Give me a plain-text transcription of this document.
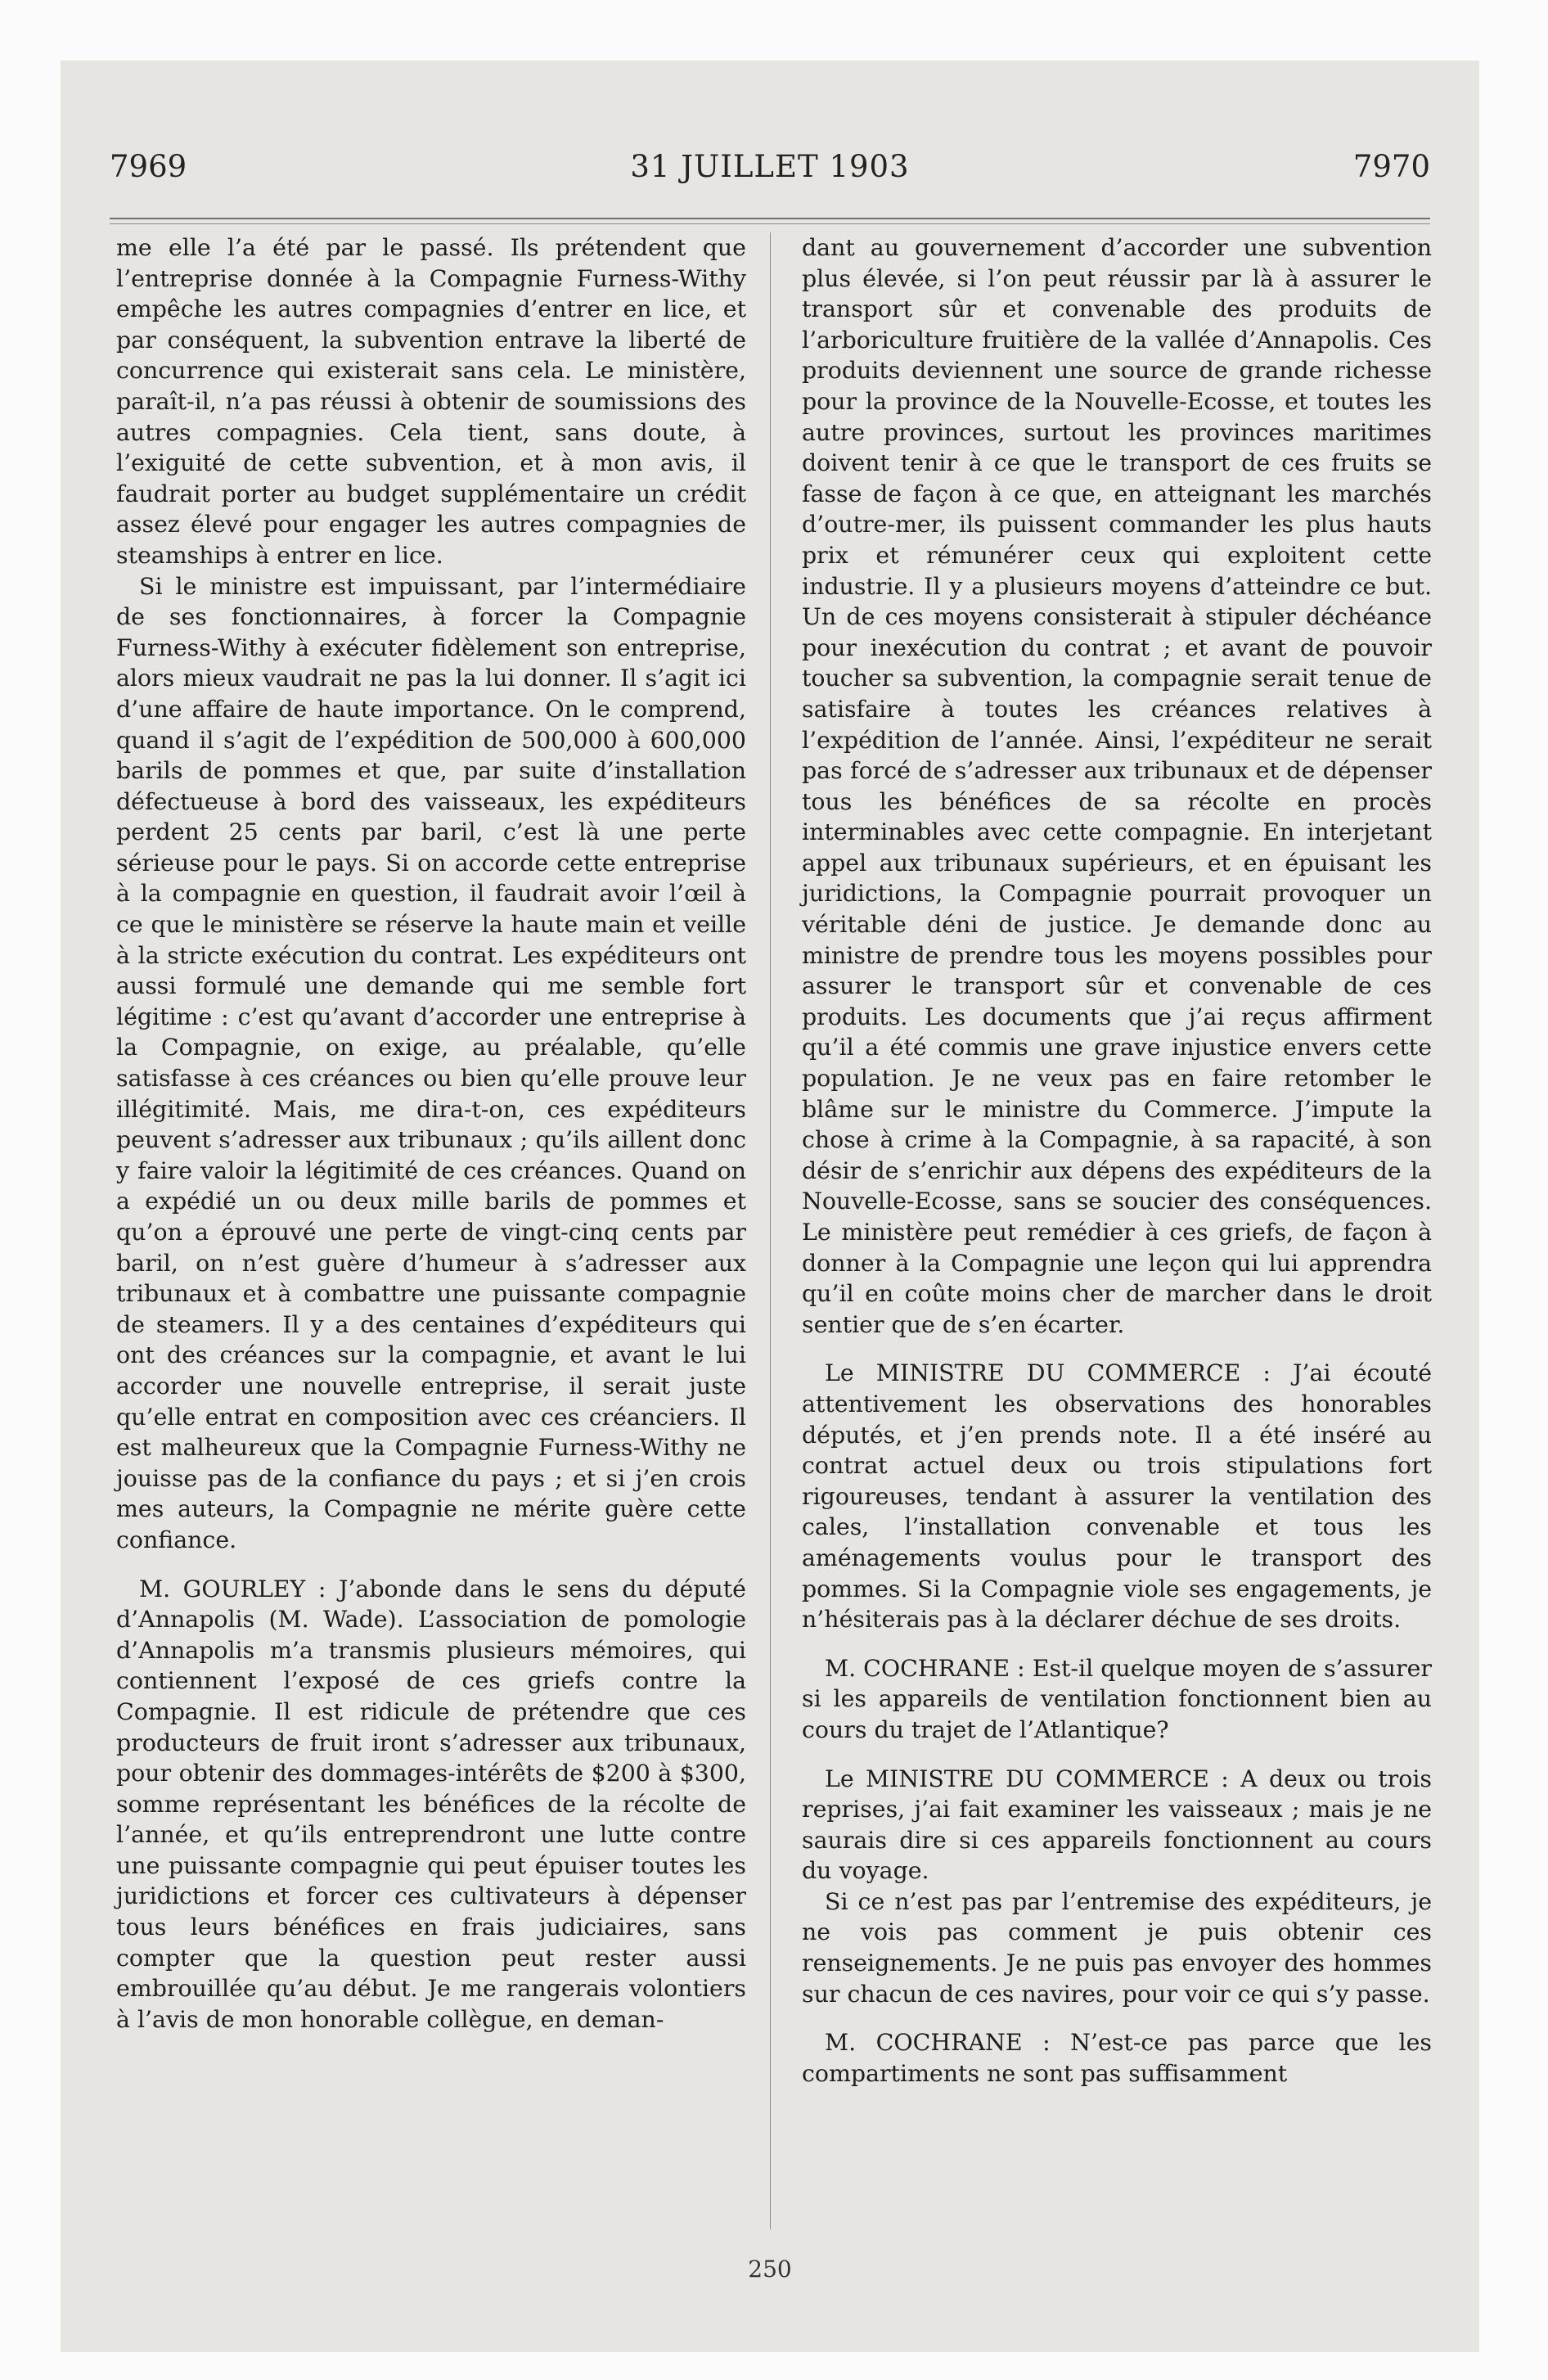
7969	31 JUILLET 1903	7970

me elle l’a été par le passé. Ils prétendent que l’entreprise donnée à la Compagnie Furness-Withy empêche les autres compagnies d’entrer en lice, et par conséquent, la subvention entrave la liberté de concurrence qui existerait sans cela. Le ministère, paraît-il, n’a pas réussi à obtenir de soumissions des autres compagnies. Cela tient, sans doute, à l’exiguité de cette subvention, et à mon avis, il faudrait porter au budget supplémentaire un crédit assez élevé pour engager les autres compagnies de steamships à entrer en lice.

Si le ministre est impuissant, par l’intermédiaire de ses fonctionnaires, à forcer la Compagnie Furness-Withy à exécuter fidèlement son entreprise, alors mieux vaudrait ne pas la lui donner. Il s’agit ici d’une affaire de haute importance. On le comprend, quand il s’agit de l’expédition de 500,000 à 600,000 barils de pommes et que, par suite d’installation défectueuse à bord des vaisseaux, les expéditeurs perdent 25 cents par baril, c’est là une perte sérieuse pour le pays. Si on accorde cette entreprise à la compagnie en question, il faudrait avoir l’œil à ce que le ministère se réserve la haute main et veille à la stricte exécution du contrat. Les expéditeurs ont aussi formulé une demande qui me semble fort légitime : c’est qu’avant d’accorder une entreprise à la Compagnie, on exige, au préalable, qu’elle satisfasse à ces créances ou bien qu’elle prouve leur illégitimité. Mais, me dira-t-on, ces expéditeurs peuvent s’adresser aux tribunaux ; qu’ils aillent donc y faire valoir la légitimité de ces créances. Quand on a expédié un ou deux mille barils de pommes et qu’on a éprouvé une perte de vingt-cinq cents par baril, on n’est guère d’humeur à s’adresser aux tribunaux et à combattre une puissante compagnie de steamers. Il y a des centaines d’expéditeurs qui ont des créances sur la compagnie, et avant le lui accorder une nouvelle entreprise, il serait juste qu’elle entrat en composition avec ces créanciers. Il est malheureux que la Compagnie Furness-Withy ne jouisse pas de la confiance du pays ; et si j’en crois mes auteurs, la Compagnie ne mérite guère cette confiance.

M. GOURLEY : J’abonde dans le sens du député d’Annapolis (M. Wade). L’association de pomologie d’Annapolis m’a transmis plusieurs mémoires, qui contiennent l’exposé de ces griefs contre la Compagnie. Il est ridicule de prétendre que ces producteurs de fruit iront s’adresser aux tribunaux, pour obtenir des dommages-intérêts de $200 à $300, somme représentant les bénéfices de la récolte de l’année, et qu’ils entreprendront une lutte contre une puissante compagnie qui peut épuiser toutes les juridictions et forcer ces cultivateurs à dépenser tous leurs bénéfices en frais judiciaires, sans compter que la question peut rester aussi embrouillée qu’au début. Je me rangerais volontiers à l’avis de mon honorable collègue, en deman-

dant au gouvernement d’accorder une subvention plus élevée, si l’on peut réussir par là à assurer le transport sûr et convenable des produits de l’arboriculture fruitière de la vallée d’Annapolis. Ces produits deviennent une source de grande richesse pour la province de la Nouvelle-Ecosse, et toutes les autre provinces, surtout les provinces maritimes doivent tenir à ce que le transport de ces fruits se fasse de façon à ce que, en atteignant les marchés d’outre-mer, ils puissent commander les plus hauts prix et rémunérer ceux qui exploitent cette industrie. Il y a plusieurs moyens d’atteindre ce but. Un de ces moyens consisterait à stipuler déchéance pour inexécution du contrat ; et avant de pouvoir toucher sa subvention, la compagnie serait tenue de satisfaire à toutes les créances relatives à l’expédition de l’année. Ainsi, l’expéditeur ne serait pas forcé de s’adresser aux tribunaux et de dépenser tous les bénéfices de sa récolte en procès interminables avec cette compagnie. En interjetant appel aux tribunaux supérieurs, et en épuisant les juridictions, la Compagnie pourrait provoquer un véritable déni de justice. Je demande donc au ministre de prendre tous les moyens possibles pour assurer le transport sûr et convenable de ces produits. Les documents que j’ai reçus affirment qu’il a été commis une grave injustice envers cette population. Je ne veux pas en faire retomber le blâme sur le ministre du Commerce. J’impute la chose à crime à la Compagnie, à sa rapacité, à son désir de s’enrichir aux dépens des expéditeurs de la Nouvelle-Ecosse, sans se soucier des conséquences. Le ministère peut remédier à ces griefs, de façon à donner à la Compagnie une leçon qui lui apprendra qu’il en coûte moins cher de marcher dans le droit sentier que de s’en écarter.

Le MINISTRE DU COMMERCE : J’ai écouté attentivement les observations des honorables députés, et j’en prends note. Il a été inséré au contrat actuel deux ou trois stipulations fort rigoureuses, tendant à assurer la ventilation des cales, l’installation convenable et tous les aménagements voulus pour le transport des pommes. Si la Compagnie viole ses engagements, je n’hésiterais pas à la déclarer déchue de ses droits.

M. COCHRANE : Est-il quelque moyen de s’assurer si les appareils de ventilation fonctionnent bien au cours du trajet de l’Atlantique?

Le MINISTRE DU COMMERCE : A deux ou trois reprises, j’ai fait examiner les vaisseaux ; mais je ne saurais dire si ces appareils fonctionnent au cours du voyage.

Si ce n’est pas par l’entremise des expéditeurs, je ne vois pas comment je puis obtenir ces renseignements. Je ne puis pas envoyer des hommes sur chacun de ces navires, pour voir ce qui s’y passe.

M. COCHRANE : N’est-ce pas parce que les compartiments ne sont pas suffisamment

250
